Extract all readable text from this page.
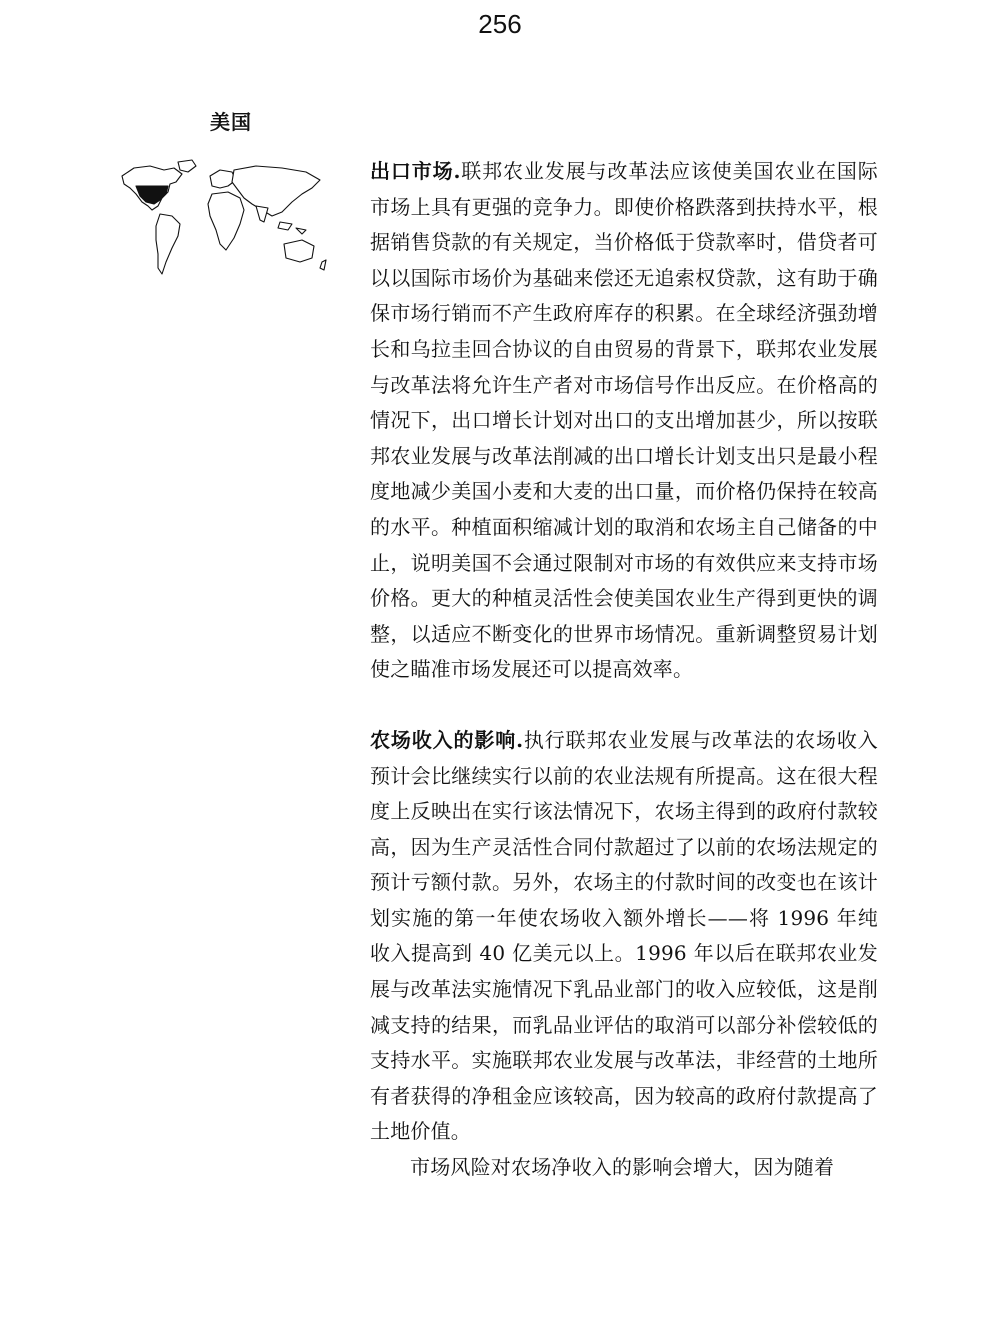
256
美国

出口市场.联邦农业发展与改革法应该使美国农业在国际市场上具有更强的竞争力。即使价格跌落到扶持水平，根据销售贷款的有关规定，当价格低于贷款率时，借贷者可以以国际市场价为基础来偿还无追索权贷款，这有助于确保市场行销而不产生政府库存的积累。在全球经济强劲增长和乌拉圭回合协议的自由贸易的背景下，联邦农业发展与改革法将允许生产者对市场信号作出反应。在价格高的情况下，出口增长计划对出口的支出增加甚少，所以按联邦农业发展与改革法削减的出口增长计划支出只是最小程度地减少美国小麦和大麦的出口量，而价格仍保持在较高的水平。种植面积缩减计划的取消和农场主自己储备的中止，说明美国不会通过限制对市场的有效供应来支持市场价格。更大的种植灵活性会使美国农业生产得到更快的调整，以适应不断变化的世界市场情况。重新调整贸易计划使之瞄准市场发展还可以提高效率。

农场收入的影响.执行联邦农业发展与改革法的农场收入预计会比继续实行以前的农业法规有所提高。这在很大程度上反映出在实行该法情况下，农场主得到的政府付款较高，因为生产灵活性合同付款超过了以前的农场法规定的预计亏额付款。另外，农场主的付款时间的改变也在该计划实施的第一年使农场收入额外增长——将 1996 年纯收入提高到 40 亿美元以上。1996 年以后在联邦农业发展与改革法实施情况下乳品业部门的收入应较低，这是削减支持的结果，而乳品业评估的取消可以部分补偿较低的支持水平。实施联邦农业发展与改革法，非经营的土地所有者获得的净租金应该较高，因为较高的政府付款提高了土地价值。

市场风险对农场净收入的影响会增大，因为随着
